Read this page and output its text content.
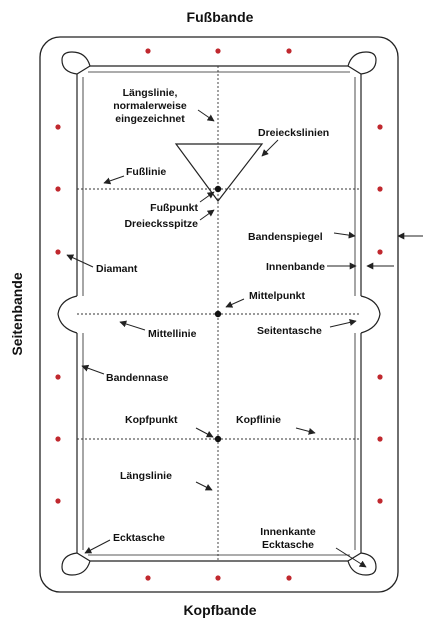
Fußbande
Kopfbande
Seitenbande
Längslinie,
normalerweise
eingezeichnet
Dreieckslinien
Fußlinie
Fußpunkt
Dreiecksspitze
Bandenspiegel
Innenbande
Diamant
Mittelpunkt
Mittellinie	Seitentasche
Bandennase
Kopfpunkt	Kopflinie
Längslinie
Ecktasche	Innenkante
Ecktasche
